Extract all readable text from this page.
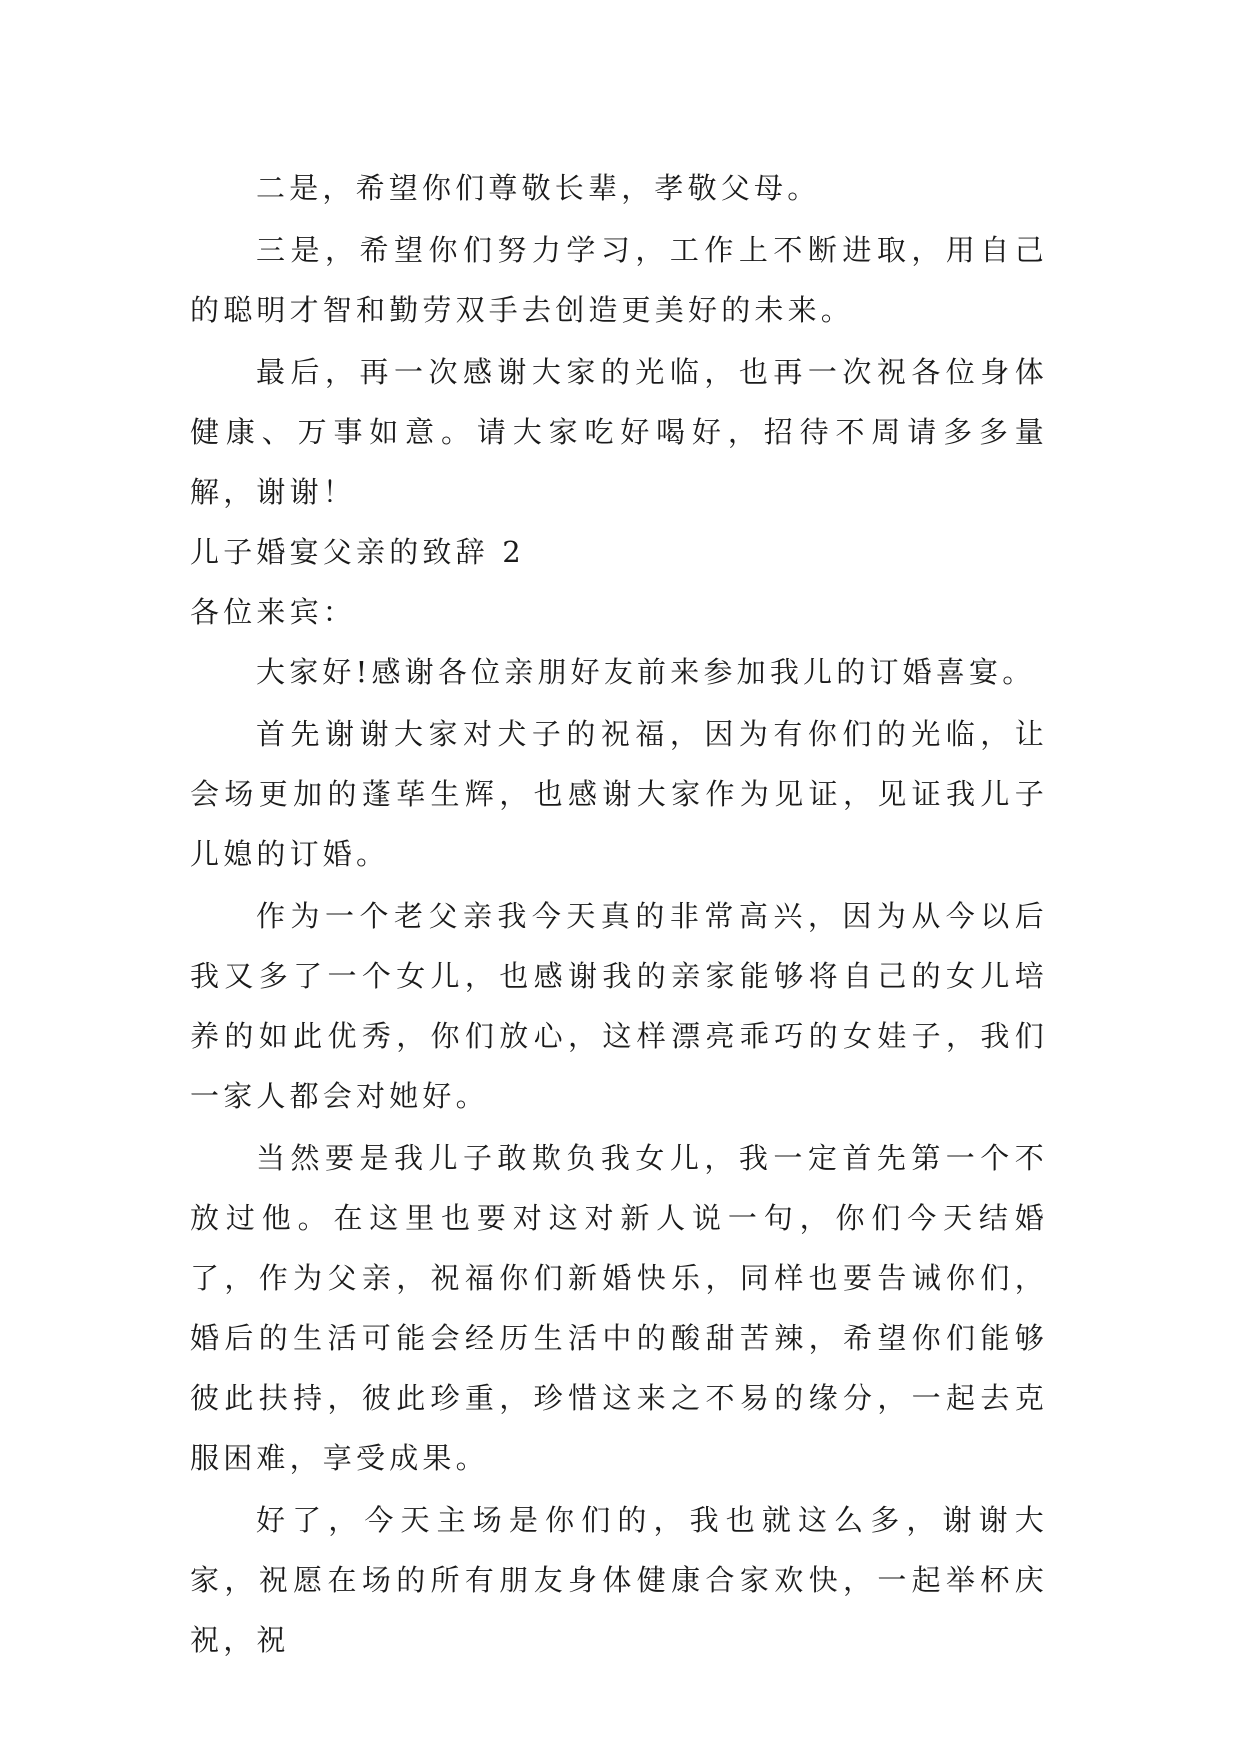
二是，希望你们尊敬长辈，孝敬父母。

三是，希望你们努力学习，工作上不断进取，用自己的聪明才智和勤劳双手去创造更美好的未来。

最后，再一次感谢大家的光临，也再一次祝各位身体健康、万事如意。请大家吃好喝好，招待不周请多多量解，谢谢！

儿子婚宴父亲的致辞 2

各位来宾：

大家好!感谢各位亲朋好友前来参加我儿的订婚喜宴。

首先谢谢大家对犬子的祝福，因为有你们的光临，让会场更加的蓬荜生辉，也感谢大家作为见证，见证我儿子儿媳的订婚。

作为一个老父亲我今天真的非常高兴，因为从今以后我又多了一个女儿，也感谢我的亲家能够将自己的女儿培养的如此优秀，你们放心，这样漂亮乖巧的女娃子，我们一家人都会对她好。

当然要是我儿子敢欺负我女儿，我一定首先第一个不放过他。在这里也要对这对新人说一句，你们今天结婚了，作为父亲，祝福你们新婚快乐，同样也要告诫你们，婚后的生活可能会经历生活中的酸甜苦辣，希望你们能够彼此扶持，彼此珍重，珍惜这来之不易的缘分，一起去克服困难，享受成果。

好了，今天主场是你们的，我也就这么多，谢谢大家，祝愿在场的所有朋友身体健康合家欢快，一起举杯庆祝，祝
